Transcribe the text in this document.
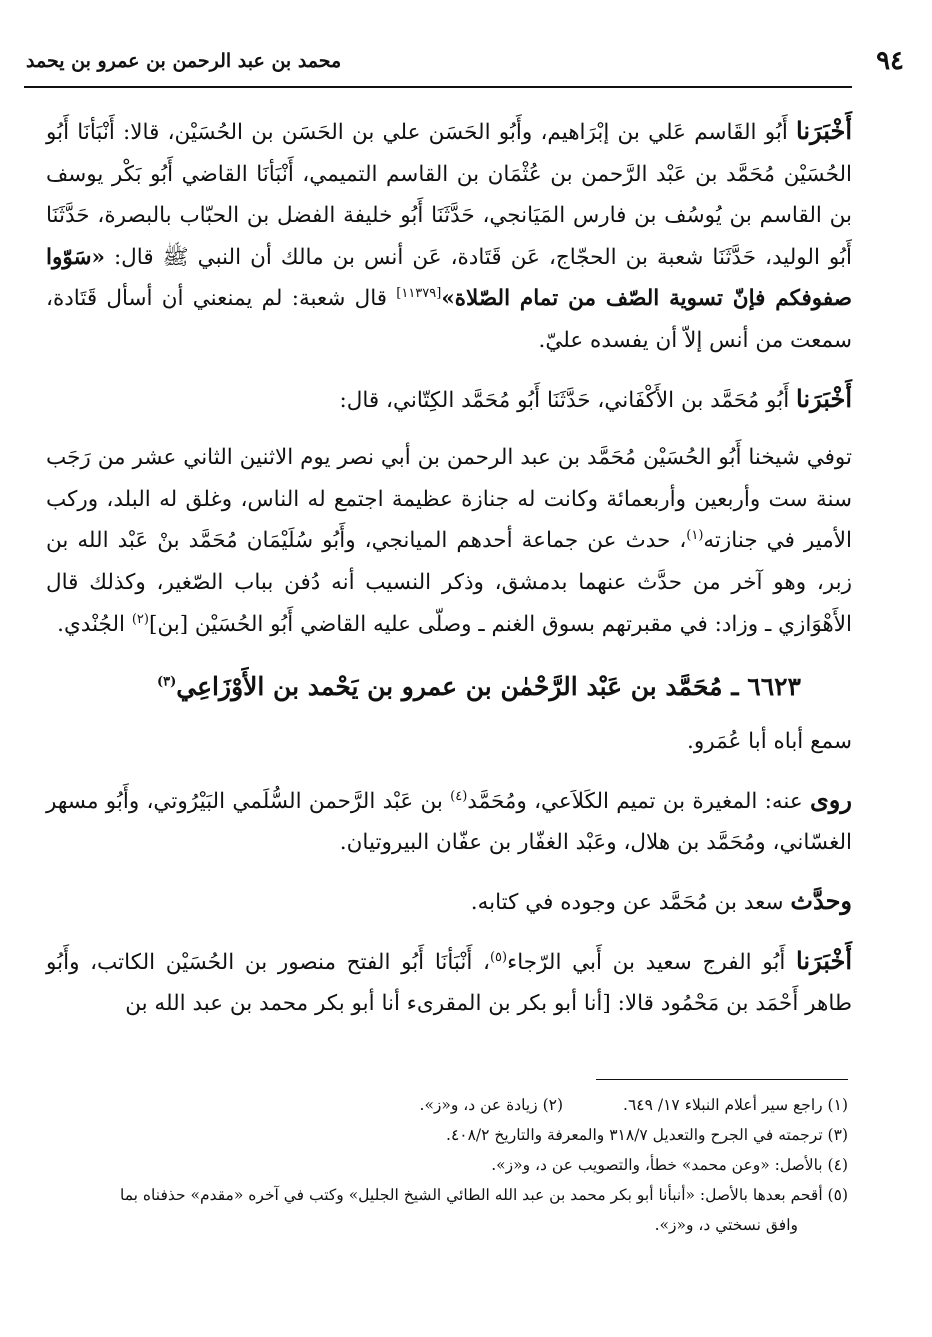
٩٤
محمد بن عبد الرحمن بن عمرو بن يحمد

أَخْبَرَنا أَبُو القَاسم عَلي بن إبْرَاهيم، وأَبُو الحَسَن علي بن الحَسَن بن الحُسَيْن، قالا: أَنْبَأنَا أَبُو الحُسَيْن مُحَمَّد بن عَبْد الرَّحمن بن عُثْمَان بن القاسم التميمي، أَنْبَأنَا القاضي أَبُو بَكْر يوسف بن القاسم بن يُوسُف بن فارس المَيَانجي، حَدَّثَنَا أَبُو خليفة الفضل بن الحبّاب بالبصرة، حَدَّثَنَا أَبُو الوليد، حَدَّثَنَا شعبة بن الحجّاج، عَن قَتَادة، عَن أنس بن مالك أن النبي ﷺ قال: «سَوّوا صفوفكم فإنّ تسوية الصّف من تمام الصّلاة»[١١٣٧٩] قال شعبة: لم يمنعني أن أسأل قَتَادة، سمعت من أنس إلاّ أن يفسده عليّ.

أَخْبَرَنا أَبُو مُحَمَّد بن الأَكْفَاني، حَدَّثَنَا أَبُو مُحَمَّد الكِتّاني، قال:

توفي شيخنا أَبُو الحُسَيْن مُحَمَّد بن عبد الرحمن بن أبي نصر يوم الاثنين الثاني عشر من رَجَب سنة ست وأربعين وأربعمائة وكانت له جنازة عظيمة اجتمع له الناس، وغلق له البلد، وركب الأمير في جنازته$^{(١)}$، حدث عن جماعة أحدهم الميانجي، وأَبُو سُلَيْمَان مُحَمَّد بنْ عَبْد الله بن زبر، وهو آخر من حدَّث عنهما بدمشق، وذكر النسيب أنه دُفن بباب الصّغير، وكذلك قال الأَهْوَازي ـ وزاد: في مقبرتهم بسوق الغنم ـ وصلّى عليه القاضي أَبُو الحُسَيْن [بن]$^{(٢)}$ الجُنْدي.

٦٦٢٣ ـ مُحَمَّد بن عَبْد الرَّحْمٰن بن عمرو بن يَحْمد بن الأَوْزَاعِي$^{(٣)}$

سمع أباه أبا عُمَرو.

روى عنه: المغيرة بن تميم الكَلاَعي، ومُحَمَّد$^{(٤)}$ بن عَبْد الرَّحمن السُّلَمي البَيْرُوتي، وأَبُو مسهر الغسّاني، ومُحَمَّد بن هلال، وعَبْد الغفّار بن عفّان البيروتيان.

وحدَّث سعد بن مُحَمَّد عن وجوده في كتابه.

أَخْبَرَنا أَبُو الفرج سعيد بن أَبي الرّجاء$^{(٥)}$، أَنْبَأنَا أَبُو الفتح منصور بن الحُسَيْن الكاتب، وأَبُو طاهر أَحْمَد بن مَحْمُود قالا: [أنا أبو بكر بن المقرىء أنا أبو بكر محمد بن عبد الله بن

(١) راجع سير أعلام النبلاء ١٧/ ٦٤٩.
(٢) زيادة عن د، و«ز».

(٣) ترجمته في الجرح والتعديل ٣١٨/٧ والمعرفة والتاريخ ٤٠٨/٢.

(٤) بالأصل: «وعن محمد» خطأ، والتصويب عن د، و«ز».

(٥) أقحم بعدها بالأصل: «أنبأنا أبو بكر محمد بن عبد الله الطائي الشيخ الجليل» وكتب في آخره «مقدم» حذفناه بما

وافق نسختي د، و«ز».
